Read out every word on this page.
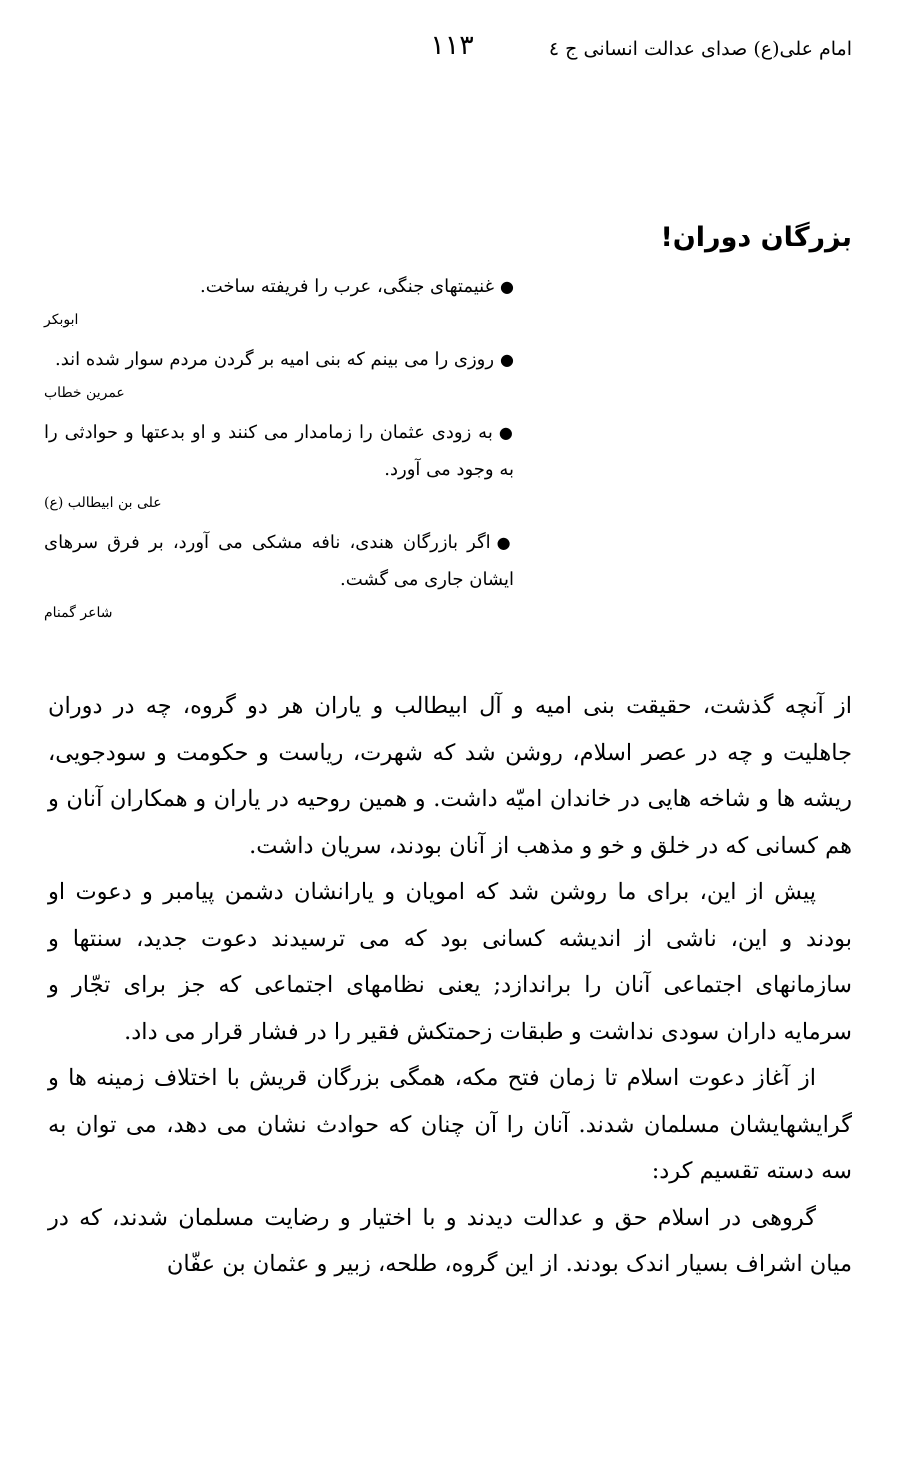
امام علی(ع) صدای عدالت انسانی ج ٤
١١٣
بزرگان دوران!

●غنیمتهای جنگی، عرب را فریفته ساخت.

ابوبکر

●روزی را می بینم که بنی امیه بر گردن مردم سوار شده اند.

عمرین خطاب

●به زودی عثمان را زمامدار می کنند و او بدعتها و حوادثی را به وجود می آورد.

علی بن ابیطالب (ع)

●اگر بازرگان هندی، نافه مشکی می آورد، بر فرق سرهای ایشان جاری می گشت.

شاعر گمنام

از آنچه گذشت، حقیقت بنی امیه و آل ابیطالب و یاران هر دو گروه، چه در دوران جاهلیت و چه در عصر اسلام، روشن شد که شهرت، ریاست و حکومت و سودجویی، ریشه ها و شاخه هایی در خاندان امیّه داشت. و همین روحیه در یاران و همکاران آنان و هم کسانی که در خلق و خو و مذهب از آنان بودند، سریان داشت.

پیش از این، برای ما روشن شد که امویان و یارانشان دشمن پیامبر و دعوت او بودند و این، ناشی از اندیشه کسانی بود که می ترسیدند دعوت جدید، سنتها و سازمانهای اجتماعی آنان را براندازد; یعنی نظامهای اجتماعی که جز برای تجّار و سرمایه داران سودی نداشت و طبقات زحمتکش فقیر را در فشار قرار می داد.

از آغاز دعوت اسلام تا زمان فتح مکه، همگی بزرگان قریش با اختلاف زمینه ها و گرایشهایشان مسلمان شدند. آنان را آن چنان که حوادث نشان می دهد، می توان به سه دسته تقسیم کرد:

گروهی در اسلام حق و عدالت دیدند و با اختیار و رضایت مسلمان شدند، که در میان اشراف بسیار اندک بودند. از این گروه، طلحه، زبیر و عثمان بن عفّان
